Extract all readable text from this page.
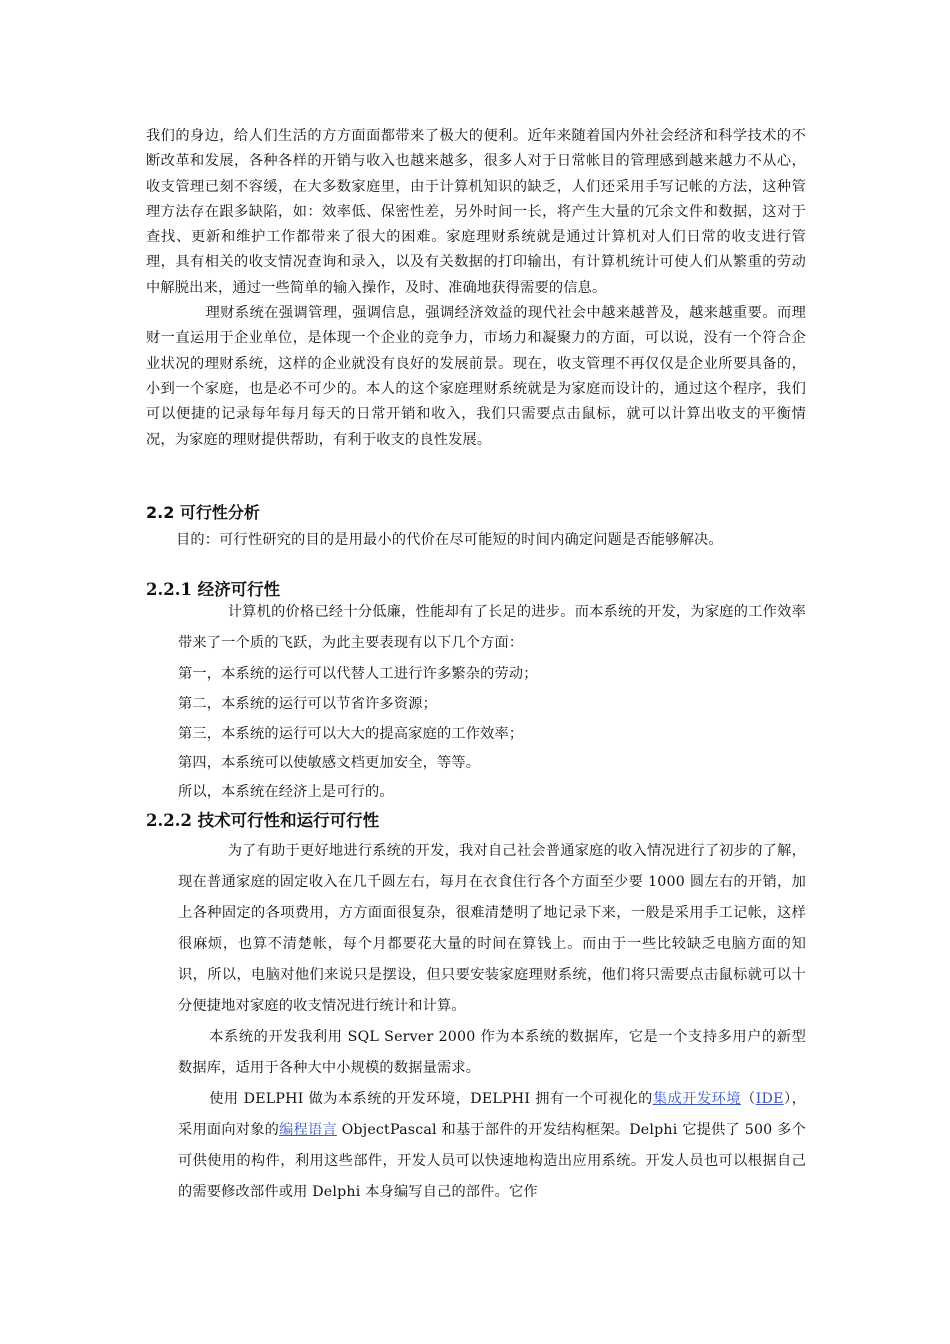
我们的身边，给人们生活的方方面面都带来了极大的便利。近年来随着国内外社会经济和科学技术的不断改革和发展，各种各样的开销与收入也越来越多，很多人对于日常帐目的管理感到越来越力不从心，收支管理已刻不容缓，在大多数家庭里，由于计算机知识的缺乏，人们还采用手写记帐的方法，这种管理方法存在跟多缺陷，如：效率低、保密性差，另外时间一长，将产生大量的冗余文件和数据，这对于查找、更新和维护工作都带来了很大的困难。家庭理财系统就是通过计算机对人们日常的收支进行管理，具有相关的收支情况查询和录入，以及有关数据的打印输出，有计算机统计可使人们从繁重的劳动中解脱出来，通过一些简单的输入操作，及时、准确地获得需要的信息。
理财系统在强调管理，强调信息，强调经济效益的现代社会中越来越普及，越来越重要。而理财一直运用于企业单位，是体现一个企业的竞争力，市场力和凝聚力的方面，可以说，没有一个符合企业状况的理财系统，这样的企业就没有良好的发展前景。现在，收支管理不再仅仅是企业所要具备的，小到一个家庭，也是必不可少的。本人的这个家庭理财系统就是为家庭而设计的，通过这个程序，我们可以便捷的记录每年每月每天的日常开销和收入，我们只需要点击鼠标，就可以计算出收支的平衡情况，为家庭的理财提供帮助，有利于收支的良性发展。
2.2 可行性分析

目的：可行性研究的目的是用最小的代价在尽可能短的时间内确定问题是否能够解决。

2.2.1 经济可行性

计算机的价格已经十分低廉，性能却有了长足的进步。而本系统的开发，为家庭的工作效率带来了一个质的飞跃，为此主要表现有以下几个方面：

第一，本系统的运行可以代替人工进行许多繁杂的劳动；

第二，本系统的运行可以节省许多资源；

第三，本系统的运行可以大大的提高家庭的工作效率；

第四，本系统可以使敏感文档更加安全，等等。

所以，本系统在经济上是可行的。

2.2.2 技术可行性和运行可行性

为了有助于更好地进行系统的开发，我对自己社会普通家庭的收入情况进行了初步的了解，现在普通家庭的固定收入在几千圆左右，每月在衣食住行各个方面至少要 1000 圆左右的开销，加上各种固定的各项费用，方方面面很复杂，很难清楚明了地记录下来，一般是采用手工记帐，这样很麻烦，也算不清楚帐，每个月都要花大量的时间在算钱上。而由于一些比较缺乏电脑方面的知识，所以，电脑对他们来说只是摆设，但只要安装家庭理财系统，他们将只需要点击鼠标就可以十分便捷地对家庭的收支情况进行统计和计算。

本系统的开发我利用 SQL Server 2000 作为本系统的数据库，它是一个支持多用户的新型数据库，适用于各种大中小规模的数据量需求。

使用 DELPHI 做为本系统的开发环境，DELPHI 拥有一个可视化的集成开发环境（IDE），采用面向对象的编程语言 ObjectPascal 和基于部件的开发结构框架。Delphi 它提供了 500 多个可供使用的构件，利用这些部件，开发人员可以快速地构造出应用系统。开发人员也可以根据自己的需要修改部件或用 Delphi 本身编写自己的部件。它作
